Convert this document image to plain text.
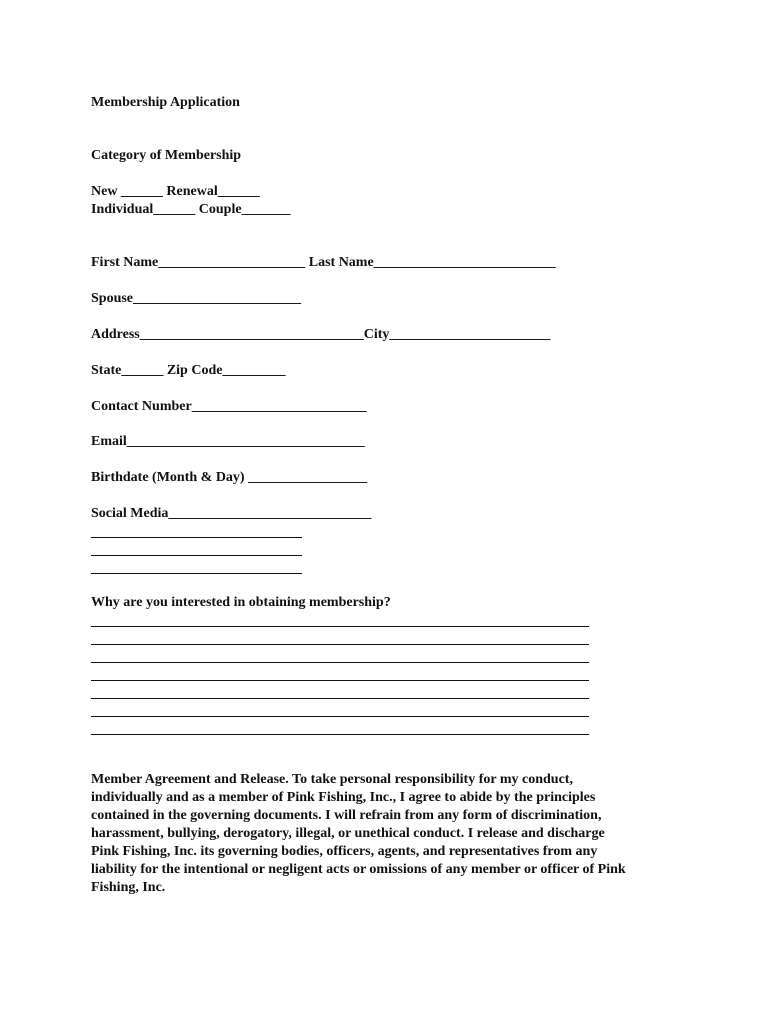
Membership Application
Category of Membership
New ______ Renewal______
Individual______ Couple_______
First Name_____________________ Last Name__________________________
Spouse________________________
Address________________________________City_______________________
State______ Zip Code_________
Contact Number_________________________
Email__________________________________
Birthdate (Month & Day) _________________
Social Media_____________________________
Why are you interested in obtaining membership?
Member Agreement and Release. To take personal responsibility for my conduct,
individually and as a member of Pink Fishing, Inc., I agree to abide by the principles
contained in the governing documents. I will refrain from any form of discrimination,
harassment, bullying, derogatory, illegal, or unethical conduct. I release and discharge
Pink Fishing, Inc. its governing bodies, officers, agents, and representatives from any
liability for the intentional or negligent acts or omissions of any member or officer of Pink
Fishing, Inc.
